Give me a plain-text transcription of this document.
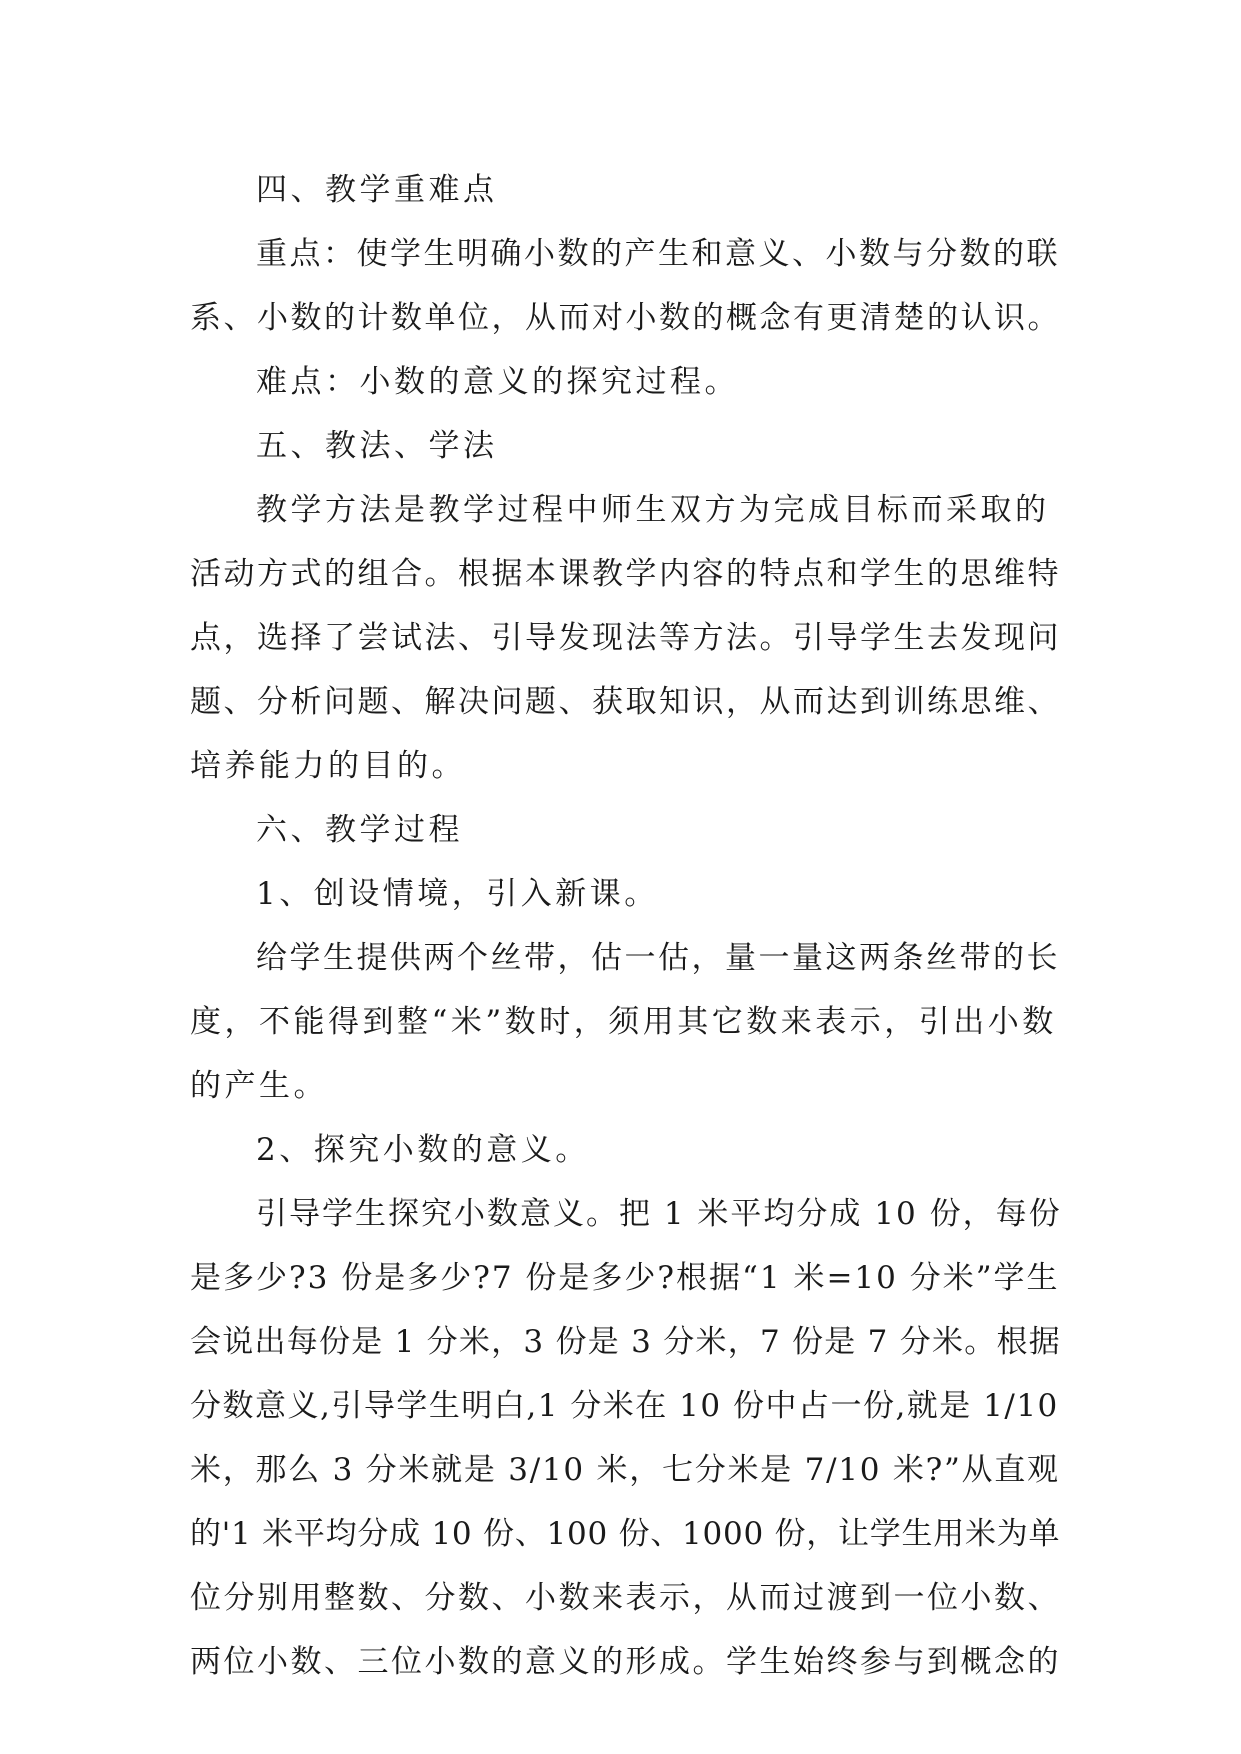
四、教学重难点
重点：使学生明确小数的产生和意义、小数与分数的联
系、小数的计数单位，从而对小数的概念有更清楚的认识。
难点：小数的意义的探究过程。
五、教法、学法
教学方法是教学过程中师生双方为完成目标而采取的
活动方式的组合。根据本课教学内容的特点和学生的思维特
点，选择了尝试法、引导发现法等方法。引导学生去发现问
题、分析问题、解决问题、获取知识，从而达到训练思维、
培养能力的目的。
六、教学过程
1、创设情境，引入新课。
给学生提供两个丝带，估一估，量一量这两条丝带的长
度，不能得到整“米”数时，须用其它数来表示，引出小数
的产生。
2、探究小数的意义。
引导学生探究小数意义。把 1 米平均分成 10 份，每份
是多少?3 份是多少?7 份是多少?根据“1 米=10 分米”学生
会说出每份是 1 分米，3 份是 3 分米，7 份是 7 分米。根据
分数意义,引导学生明白,1 分米在 10 份中占一份,就是 1/10
米，那么 3 分米就是 3/10 米，七分米是 7/10 米?”从直观
的'1 米平均分成 10 份、100 份、1000 份，让学生用米为单
位分别用整数、分数、小数来表示，从而过渡到一位小数、
两位小数、三位小数的意义的形成。学生始终参与到概念的
